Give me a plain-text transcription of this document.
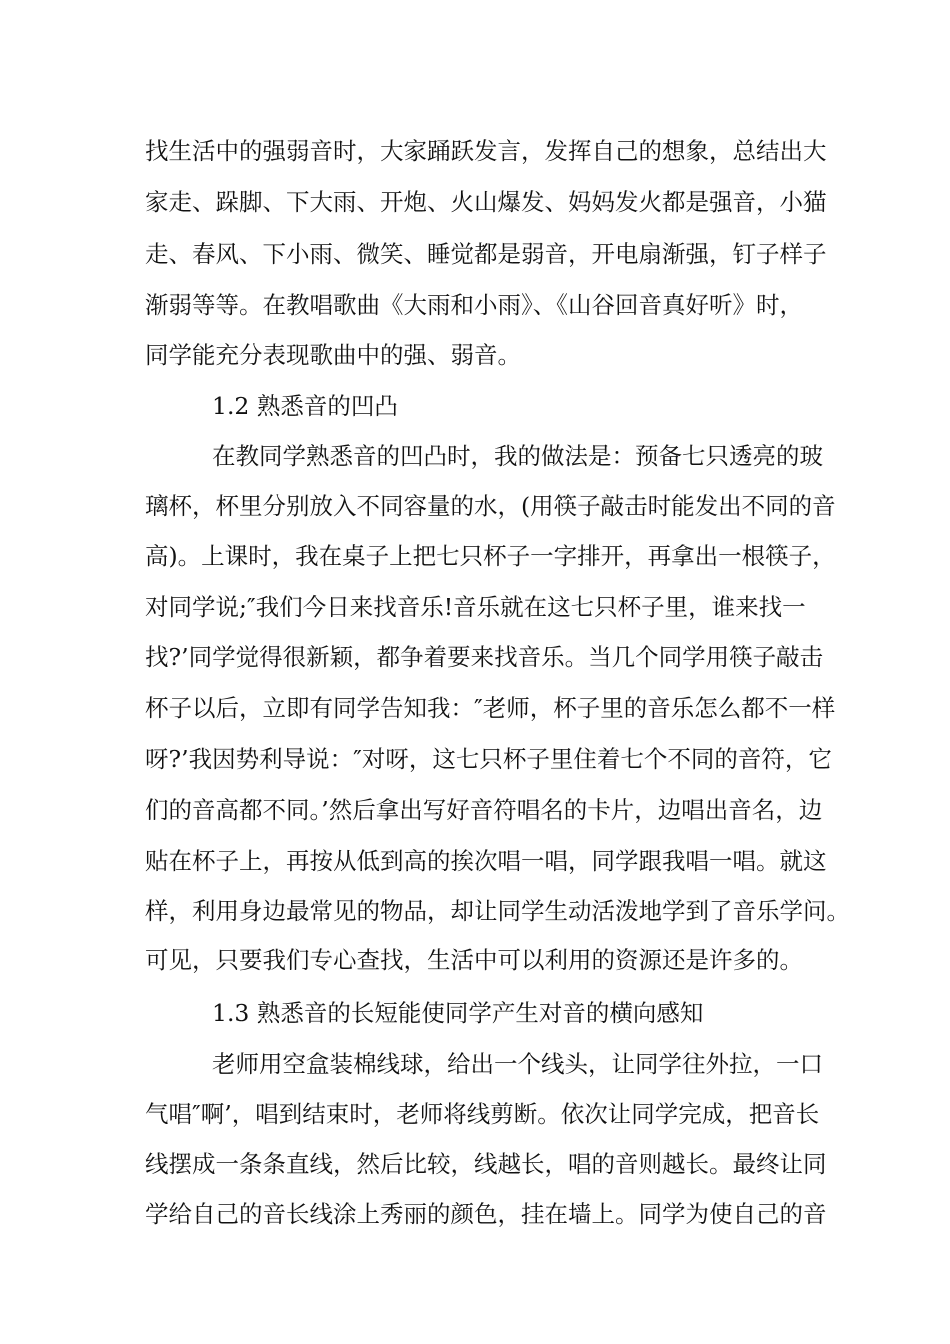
找生活中的强弱音时，大家踊跃发言，发挥自己的想象，总结出大
家走、跺脚、下大雨、开炮、火山爆发、妈妈发火都是强音，小猫
走、春风、下小雨、微笑、睡觉都是弱音，开电扇渐强，钉子样子
渐弱等等。在教唱歌曲《大雨和小雨》、《山谷回音真好听》时，
同学能充分表现歌曲中的强、弱音。
1.2 熟悉音的凹凸
在教同学熟悉音的凹凸时，我的做法是：预备七只透亮的玻
璃杯，杯里分别放入不同容量的水，(用筷子敲击时能发出不同的音
高)。上课时，我在桌子上把七只杯子一字排开，再拿出一根筷子，
对同学说;″我们今日来找音乐!音乐就在这七只杯子里，谁来找一
找?’同学觉得很新颖，都争着要来找音乐。当几个同学用筷子敲击
杯子以后，立即有同学告知我：″老师，杯子里的音乐怎么都不一样
呀?’我因势利导说：″对呀，这七只杯子里住着七个不同的音符，它
们的音高都不同。’然后拿出写好音符唱名的卡片，边唱出音名，边
贴在杯子上，再按从低到高的挨次唱一唱，同学跟我唱一唱。就这
样，利用身边最常见的物品，却让同学生动活泼地学到了音乐学问。
可见，只要我们专心查找，生活中可以利用的资源还是许多的。
1.3 熟悉音的长短能使同学产生对音的横向感知
老师用空盒装棉线球，给出一个线头，让同学往外拉，一口
气唱″啊’，唱到结束时，老师将线剪断。依次让同学完成，把音长
线摆成一条条直线，然后比较，线越长，唱的音则越长。最终让同
学给自己的音长线涂上秀丽的颜色，挂在墙上。同学为使自己的音
